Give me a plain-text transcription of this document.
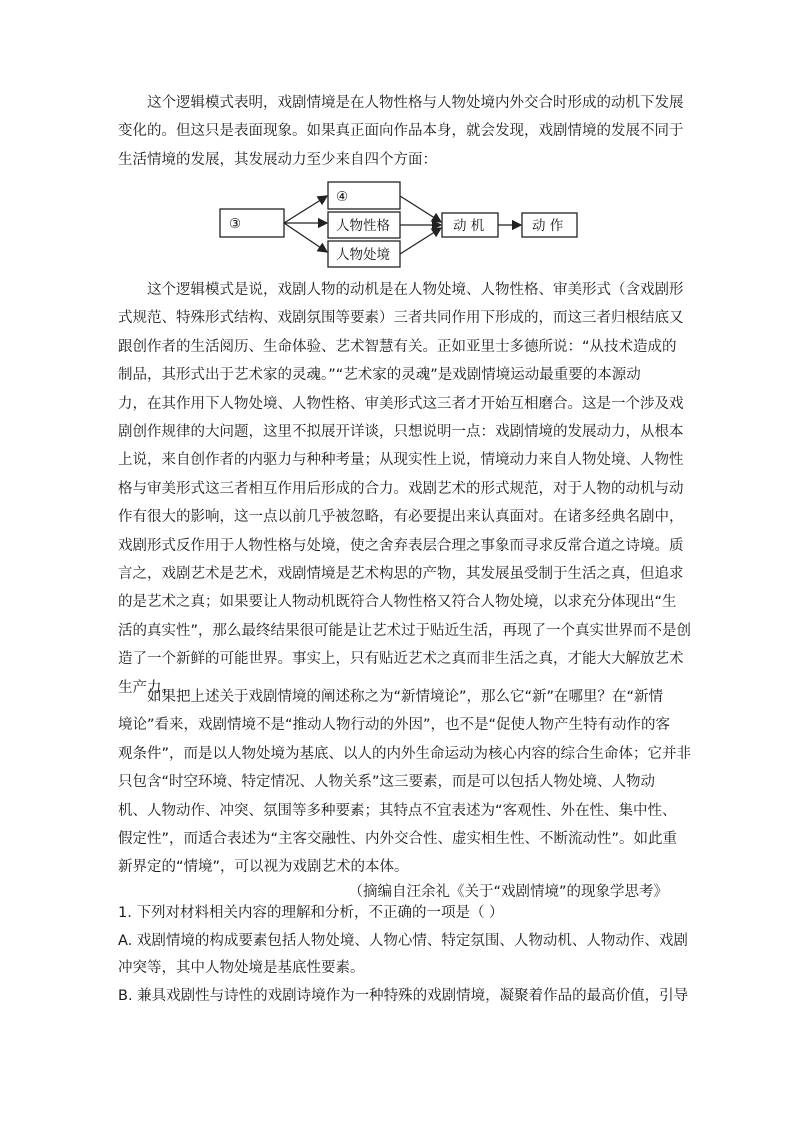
这个逻辑模式表明，戏剧情境是在人物性格与人物处境内外交合时形成的动机下发展
变化的。但这只是表面现象。如果真正面向作品本身，就会发现，戏剧情境的发展不同于
生活情境的发展，其发展动力至少来自四个方面：
③
④
人物性格
人物处境
动 机	动 作
这个逻辑模式是说，戏剧人物的动机是在人物处境、人物性格、审美形式（含戏剧形
式规范、特殊形式结构、戏剧氛围等要素）三者共同作用下形成的，而这三者归根结底又
跟创作者的生活阅历、生命体验、艺术智慧有关。正如亚里士多德所说：“从技术造成的
制品，其形式出于艺术家的灵魂。”“艺术家的灵魂”是戏剧情境运动最重要的本源动
力，在其作用下人物处境、人物性格、审美形式这三者才开始互相磨合。这是一个涉及戏
剧创作规律的大问题，这里不拟展开详谈，只想说明一点：戏剧情境的发展动力，从根本
上说，来自创作者的内驱力与种种考量；从现实性上说，情境动力来自人物处境、人物性
格与审美形式这三者相互作用后形成的合力。戏剧艺术的形式规范，对于人物的动机与动
作有很大的影响，这一点以前几乎被忽略，有必要提出来认真面对。在诸多经典名剧中，
戏剧形式反作用于人物性格与处境，使之舍弃表层合理之事象而寻求反常合道之诗境。质
言之，戏剧艺术是艺术，戏剧情境是艺术构思的产物，其发展虽受制于生活之真，但追求
的是艺术之真；如果要让人物动机既符合人物性格又符合人物处境，以求充分体现出“生
活的真实性”，那么最终结果很可能是让艺术过于贴近生活，再现了一个真实世界而不是创
造了一个新鲜的可能世界。事实上，只有贴近艺术之真而非生活之真，才能大大解放艺术
生产力。
如果把上述关于戏剧情境的阐述称之为“新情境论”，那么它“新”在哪里？在“新情
境论”看来，戏剧情境不是“推动人物行动的外因”，也不是“促使人物产生特有动作的客
观条件”，而是以人物处境为基底、以人的内外生命运动为核心内容的综合生命体；它并非
只包含“时空环境、特定情况、人物关系”这三要素，而是可以包括人物处境、人物动
机、人物动作、冲突、氛围等多种要素；其特点不宜表述为“客观性、外在性、集中性、
假定性”，而适合表述为“主客交融性、内外交合性、虚实相生性、不断流动性”。如此重
新界定的“情境”，可以视为戏剧艺术的本体。
（摘编自汪余礼《关于“戏剧情境”的现象学思考》
1. 下列对材料相关内容的理解和分析，不正确的一项是（ ）
A. 戏剧情境的构成要素包括人物处境、人物心情、特定氛围、人物动机、人物动作、戏剧
冲突等，其中人物处境是基底性要素。
B. 兼具戏剧性与诗性的戏剧诗境作为一种特殊的戏剧情境，凝聚着作品的最高价值，引导
